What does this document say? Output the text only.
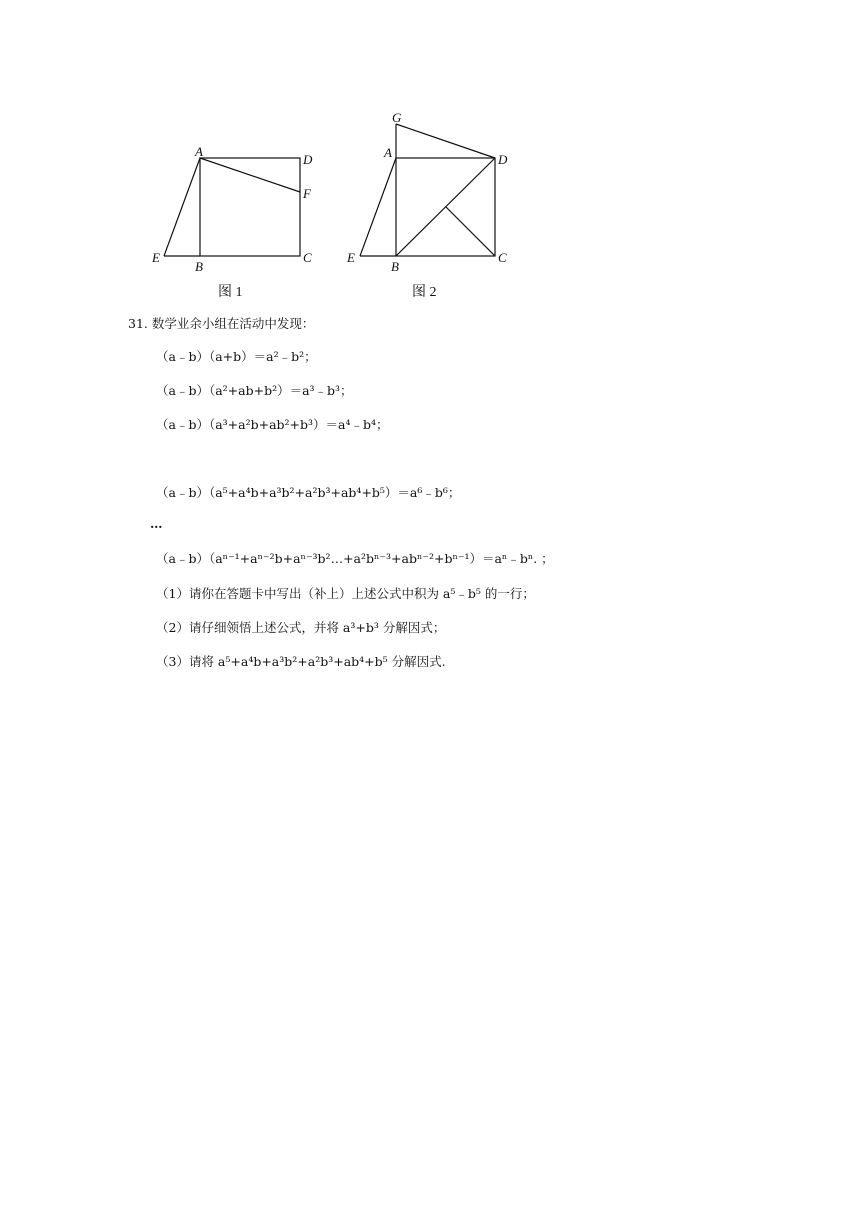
A
D
F
E
B
C
图 1
G
A	D
E
B
C
图 2
31. 数学业余小组在活动中发现：
（a﹣b）（a+b）＝a²﹣b²；
（a﹣b）（a²+ab+b²）＝a³﹣b³；
（a﹣b）（a³+a²b+ab²+b³）＝a⁴﹣b⁴；
（a﹣b）（a⁵+a⁴b+a³b²+a²b³+ab⁴+b⁵）＝a⁶﹣b⁶；
…
（a﹣b）（aⁿ⁻¹+aⁿ⁻²b+aⁿ⁻³b²…+a²bⁿ⁻³+abⁿ⁻²+bⁿ⁻¹）＝aⁿ﹣bⁿ. ；
（1）请你在答题卡中写出（补上）上述公式中积为 a⁵﹣b⁵ 的一行；
（2）请仔细领悟上述公式，并将 a³+b³ 分解因式；
（3）请将 a⁵+a⁴b+a³b²+a²b³+ab⁴+b⁵ 分解因式.
